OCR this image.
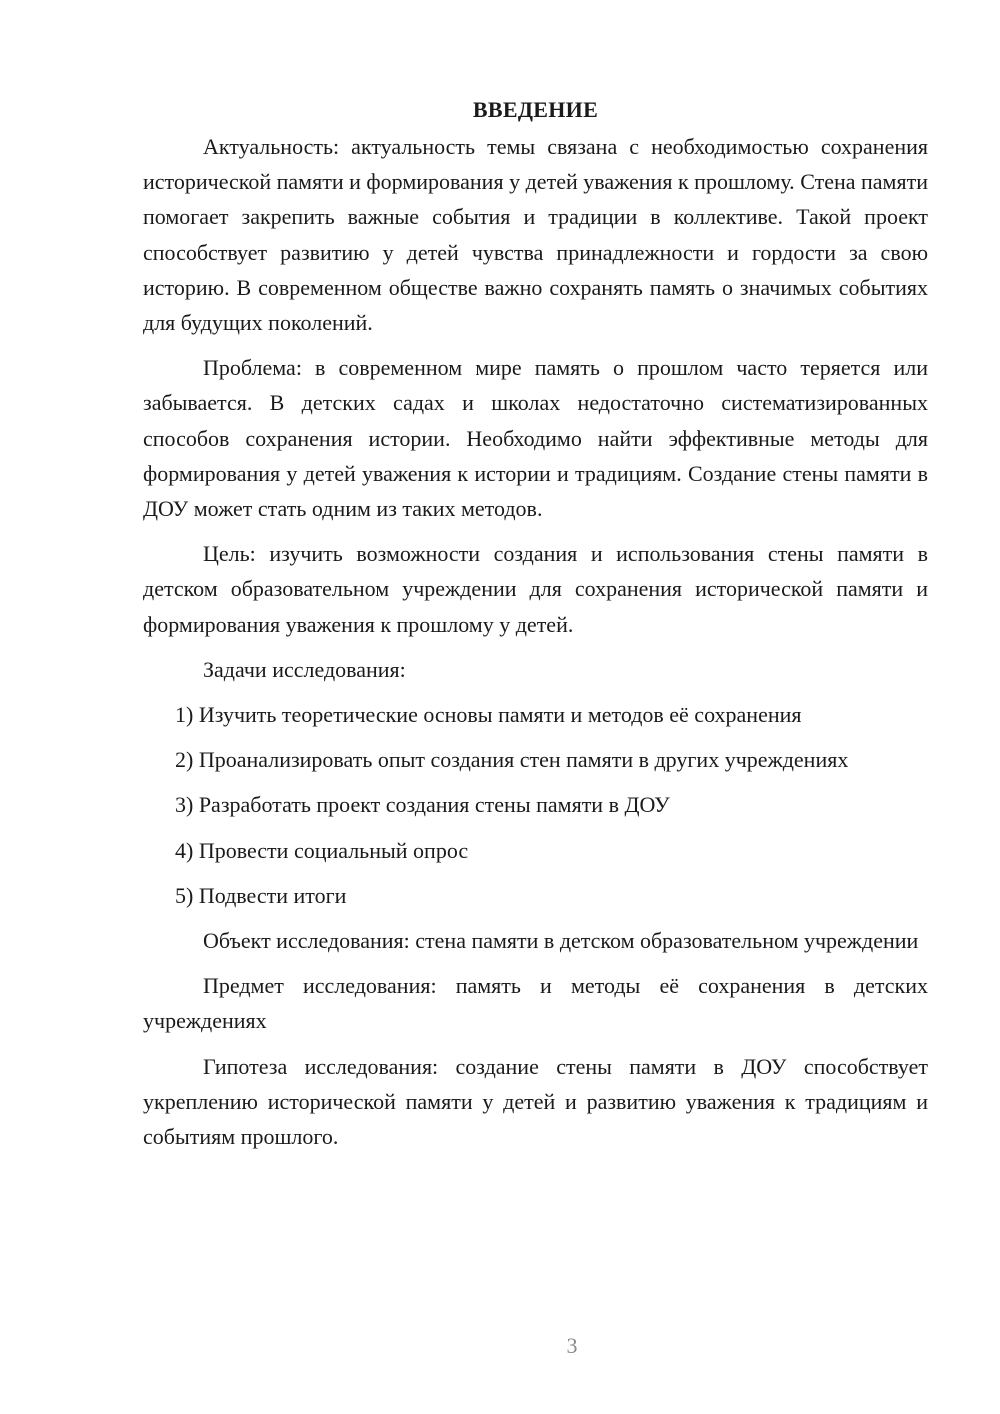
ВВЕДЕНИЕ

Актуальность: актуальность темы связана с необходимостью сохранения исторической памяти и формирования у детей уважения к прошлому. Стена памяти помогает закрепить важные события и традиции в коллективе. Такой проект способствует развитию у детей чувства принадлежности и гордости за свою историю. В современном обществе важно сохранять память о значимых событиях для будущих поколений.

Проблема: в современном мире память о прошлом часто теряется или забывается. В детских садах и школах недостаточно систематизированных способов сохранения истории. Необходимо найти эффективные методы для формирования у детей уважения к истории и традициям. Создание стены памяти в ДОУ может стать одним из таких методов.

Цель: изучить возможности создания и использования стены памяти в детском образовательном учреждении для сохранения исторической памяти и формирования уважения к прошлому у детей.

Задачи исследования:

1) Изучить теоретические основы памяти и методов её сохранения

2) Проанализировать опыт создания стен памяти в других учреждениях

3) Разработать проект создания стены памяти в ДОУ

4) Провести социальный опрос

5) Подвести итоги

Объект исследования: стена памяти в детском образовательном учреждении

Предмет исследования: память и методы её сохранения в детских учреждениях

Гипотеза исследования: создание стены памяти в ДОУ способствует укреплению исторической памяти у детей и развитию уважения к традициям и событиям прошлого.

3
